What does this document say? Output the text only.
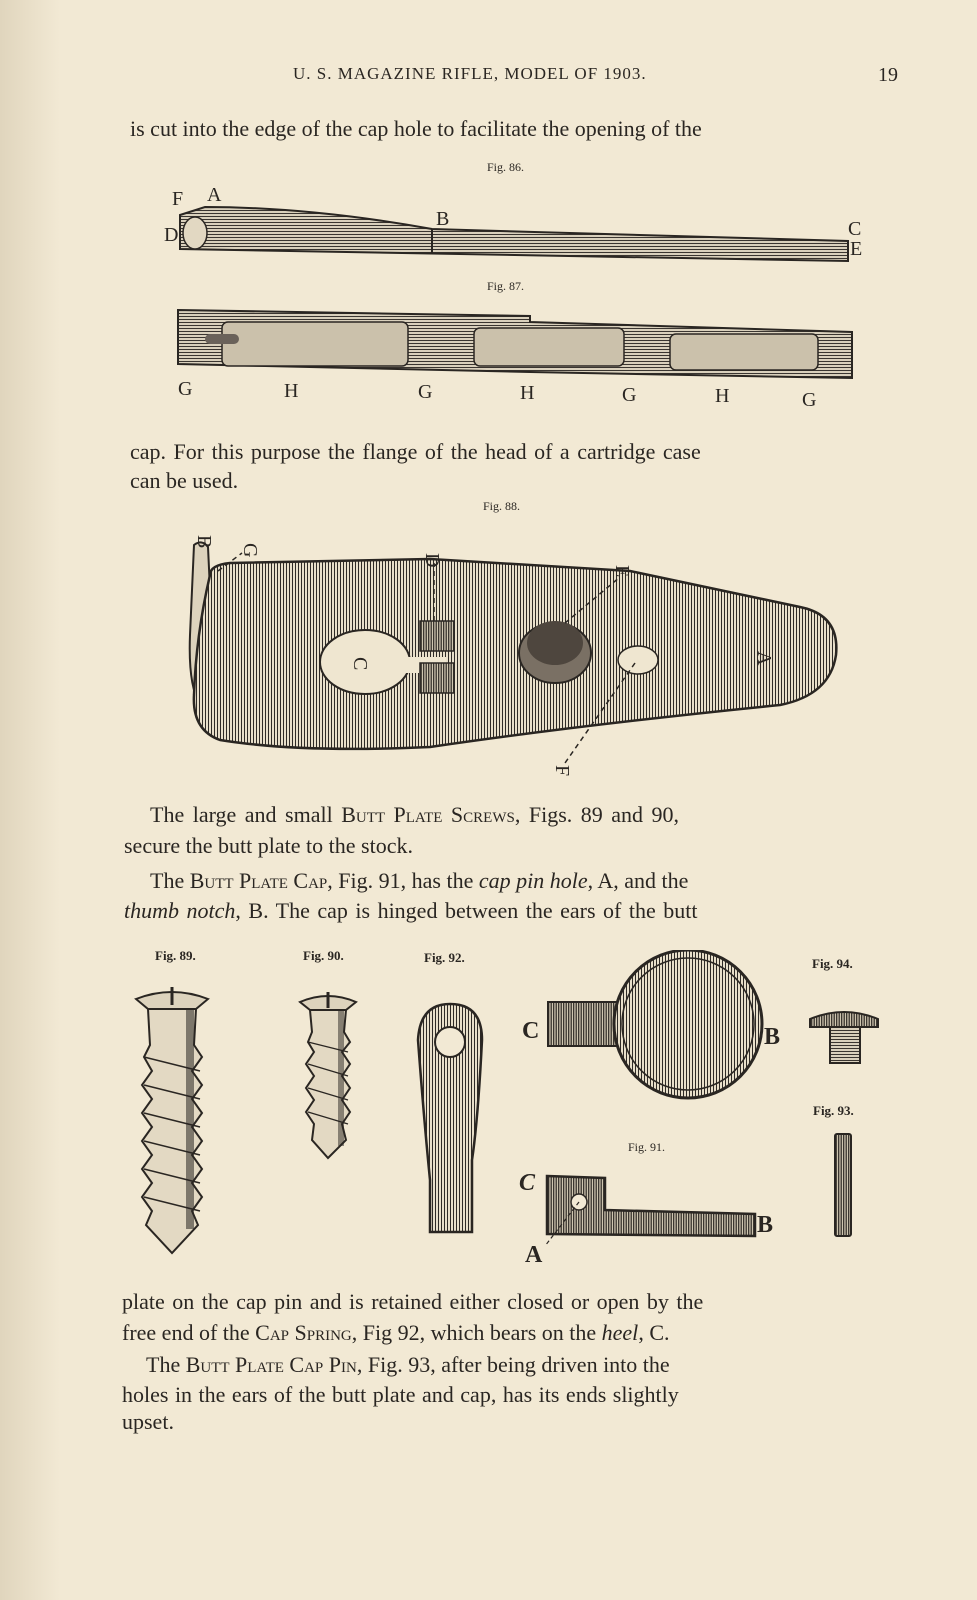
U. S. MAGAZINE RIFLE, MODEL OF 1903.	19
is cut into the edge of the cap hole to facilitate the opening of the
Fig. 86.
F A
D
B	C
E
Fig. 87.
G	H	G	H	G	H	G
cap. For this purpose the flange of the head of a cartridge case
can be used.
Fig. 88.
B
G
D
E
C	A
F
The large and small Butt Plate Screws, Figs. 89 and 90,
secure the butt plate to the stock.
The Butt Plate Cap, Fig. 91, has the cap pin hole, A, and the
thumb notch, B. The cap is hinged between the ears of the butt
Fig. 89.	Fig. 90.	Fig. 92.	Fig. 94.
Fig. 93.
Fig. 91.
C	B
C
A
B
plate on the cap pin and is retained either closed or open by the
free end of the Cap Spring, Fig 92, which bears on the heel, C.
The Butt Plate Cap Pin, Fig. 93, after being driven into the
holes in the ears of the butt plate and cap, has its ends slightly
upset.
